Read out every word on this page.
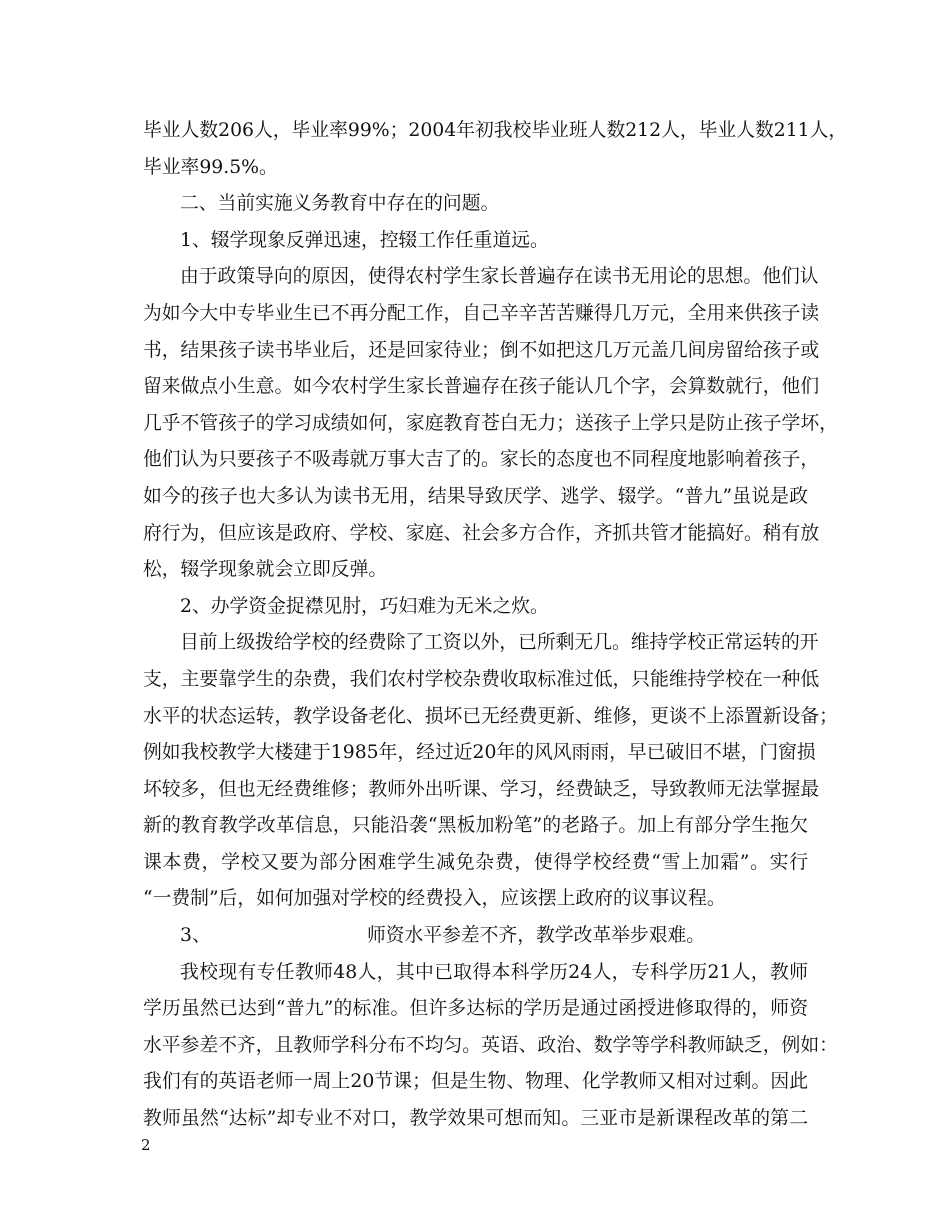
毕业人数206人，毕业率99%；2004年初我校毕业班人数212人，毕业人数211人，
毕业率99.5%。
二、当前实施义务教育中存在的问题。
1、辍学现象反弹迅速，控辍工作任重道远。
由于政策导向的原因，使得农村学生家长普遍存在读书无用论的思想。他们认
为如今大中专毕业生已不再分配工作，自己辛辛苦苦赚得几万元，全用来供孩子读
书，结果孩子读书毕业后，还是回家待业；倒不如把这几万元盖几间房留给孩子或
留来做点小生意。如今农村学生家长普遍存在孩子能认几个字，会算数就行，他们
几乎不管孩子的学习成绩如何，家庭教育苍白无力；送孩子上学只是防止孩子学坏，
他们认为只要孩子不吸毒就万事大吉了的。家长的态度也不同程度地影响着孩子，
如今的孩子也大多认为读书无用，结果导致厌学、逃学、辍学。“普九”虽说是政
府行为，但应该是政府、学校、家庭、社会多方合作，齐抓共管才能搞好。稍有放
松，辍学现象就会立即反弹。
2、办学资金捉襟见肘，巧妇难为无米之炊。
目前上级拨给学校的经费除了工资以外，已所剩无几。维持学校正常运转的开
支，主要靠学生的杂费，我们农村学校杂费收取标准过低，只能维持学校在一种低
水平的状态运转，教学设备老化、损坏已无经费更新、维修，更谈不上添置新设备；
例如我校教学大楼建于1985年，经过近20年的风风雨雨，早已破旧不堪，门窗损
坏较多，但也无经费维修；教师外出听课、学习，经费缺乏，导致教师无法掌握最
新的教育教学改革信息，只能沿袭“黑板加粉笔”的老路子。加上有部分学生拖欠
课本费，学校又要为部分困难学生减免杂费，使得学校经费“雪上加霜”。实行
“一费制”后，如何加强对学校的经费投入，应该摆上政府的议事议程。
3、	师资水平参差不齐，教学改革举步艰难。
我校现有专任教师48人，其中已取得本科学历24人，专科学历21人，教师
学历虽然已达到“普九”的标准。但许多达标的学历是通过函授进修取得的，师资
水平参差不齐，且教师学科分布不均匀。英语、政治、数学等学科教师缺乏，例如：
我们有的英语老师一周上20节课；但是生物、物理、化学教师又相对过剩。因此
教师虽然“达标”却专业不对口，教学效果可想而知。三亚市是新课程改革的第二
2
